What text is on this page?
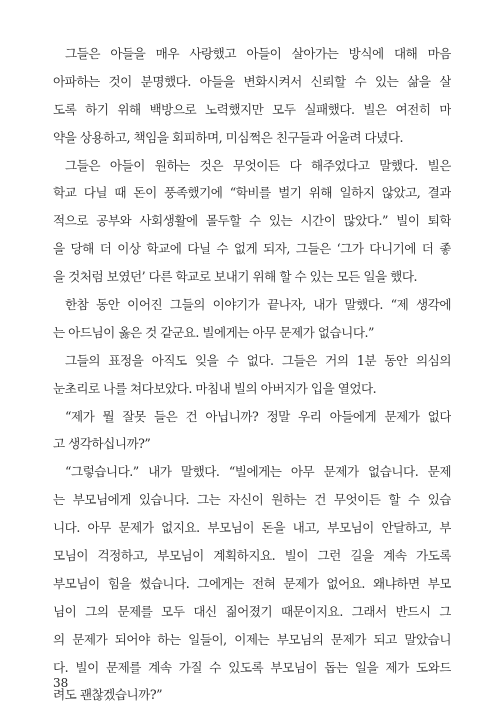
그들은 아들을 매우 사랑했고 아들이 살아가는 방식에 대해 마음
아파하는 것이 분명했다. 아들을 변화시켜서 신뢰할 수 있는 삶을 살
도록 하기 위해 백방으로 노력했지만 모두 실패했다. 빌은 여전히 마
약을 상용하고, 책임을 회피하며, 미심쩍은 친구들과 어울려 다녔다.
그들은 아들이 원하는 것은 무엇이든 다 해주었다고 말했다. 빌은
학교 다닐 때 돈이 풍족했기에 “학비를 벌기 위해 일하지 않았고, 결과
적으로 공부와 사회생활에 몰두할 수 있는 시간이 많았다.” 빌이 퇴학
을 당해 더 이상 학교에 다닐 수 없게 되자, 그들은 ‘그가 다니기에 더 좋
을 것처럼 보였던’ 다른 학교로 보내기 위해 할 수 있는 모든 일을 했다.
한참 동안 이어진 그들의 이야기가 끝나자, 내가 말했다. “제 생각에
는 아드님이 옳은 것 같군요. 빌에게는 아무 문제가 없습니다.”
그들의 표정을 아직도 잊을 수 없다. 그들은 거의 1분 동안 의심의
눈초리로 나를 쳐다보았다. 마침내 빌의 아버지가 입을 열었다.
“제가 뭘 잘못 들은 건 아닙니까? 정말 우리 아들에게 문제가 없다
고 생각하십니까?”
“그렇습니다.” 내가 말했다. “빌에게는 아무 문제가 없습니다. 문제
는 부모님에게 있습니다. 그는 자신이 원하는 건 무엇이든 할 수 있습
니다. 아무 문제가 없지요. 부모님이 돈을 내고, 부모님이 안달하고, 부
모님이 걱정하고, 부모님이 계획하지요. 빌이 그런 길을 계속 가도록
부모님이 힘을 썼습니다. 그에게는 전혀 문제가 없어요. 왜냐하면 부모
님이 그의 문제를 모두 대신 짊어졌기 때문이지요. 그래서 반드시 그
의 문제가 되어야 하는 일들이, 이제는 부모님의 문제가 되고 말았습니
다. 빌이 문제를 계속 가질 수 있도록 부모님이 돕는 일을 제가 도와드
려도 괜찮겠습니까?”
38
